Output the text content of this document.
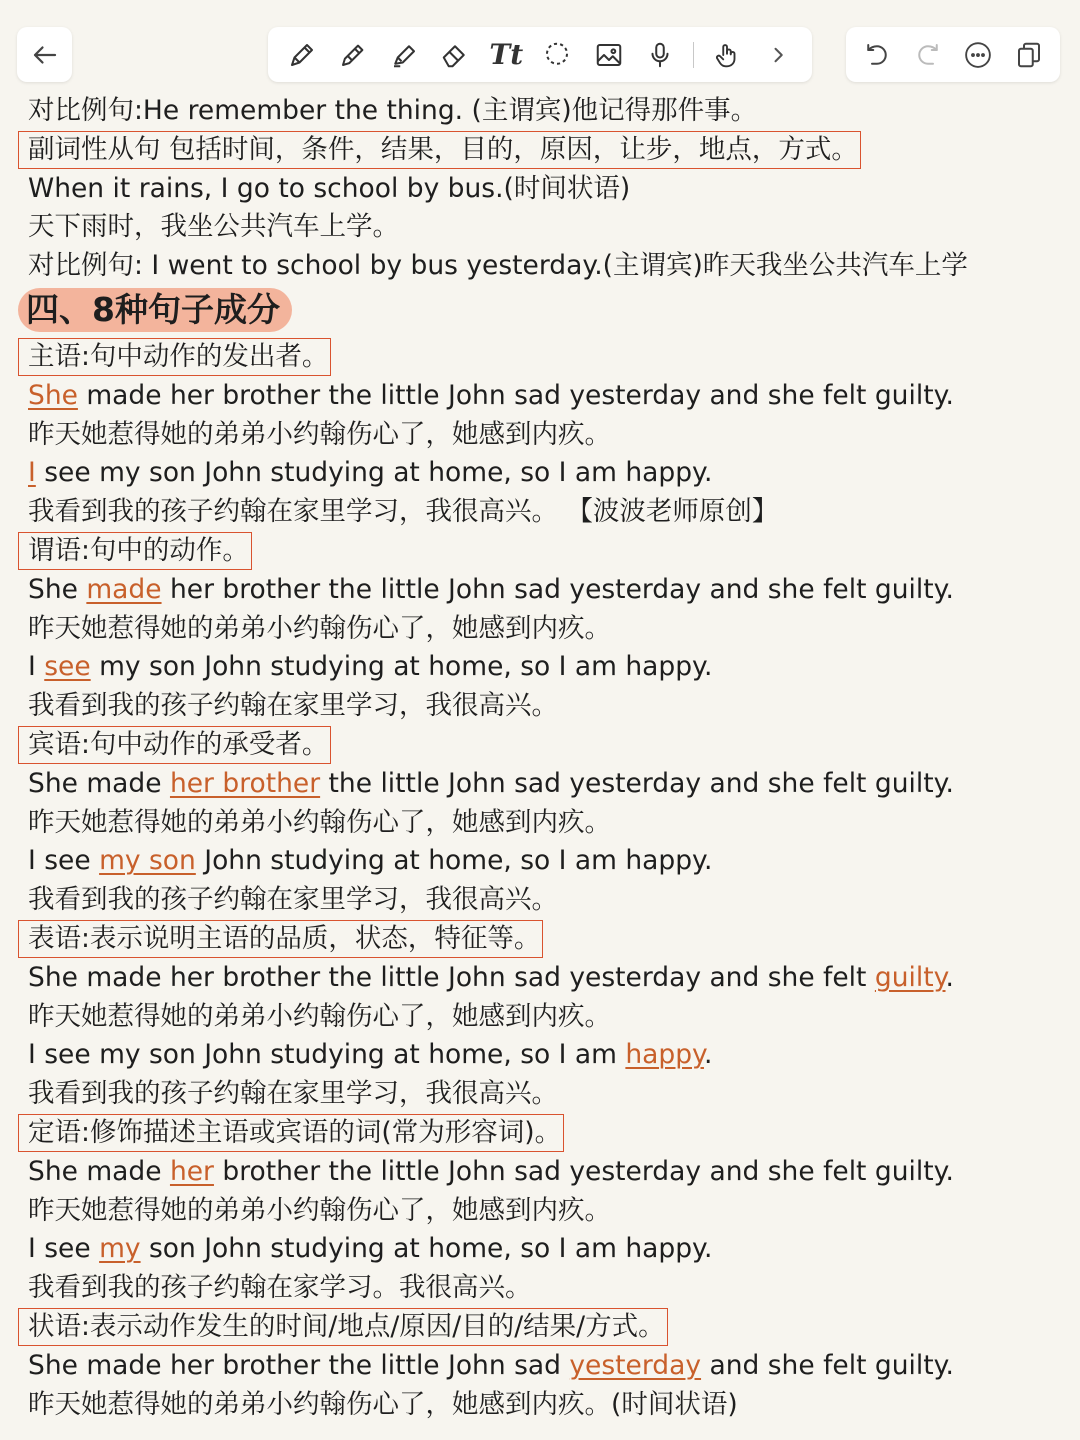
Tt
对比例句:He remember the thing. (主谓宾)他记得那件事。
副词性从句 包括时间，条件，结果，目的，原因，让步，地点，方式。
When it rains, I go to school by bus.(时间状语)
天下雨时，我坐公共汽车上学。
对比例句: I went to school by bus yesterday.(主谓宾)昨天我坐公共汽车上学
四、8种句子成分
主语:句中动作的发出者。
She made her brother the little John sad yesterday and she felt guilty.
昨天她惹得她的弟弟小约翰伤心了，她感到内疚。
I see my son John studying at home, so I am happy.
我看到我的孩子约翰在家里学习，我很高兴。 【波波老师原创】
谓语:句中的动作。
She made her brother the little John sad yesterday and she felt guilty.
昨天她惹得她的弟弟小约翰伤心了，她感到内疚。
I see my son John studying at home, so I am happy.
我看到我的孩子约翰在家里学习，我很高兴。
宾语:句中动作的承受者。
She made her brother the little John sad yesterday and she felt guilty.
昨天她惹得她的弟弟小约翰伤心了，她感到内疚。
I see my son John studying at home, so I am happy.
我看到我的孩子约翰在家里学习，我很高兴。
表语:表示说明主语的品质，状态，特征等。
She made her brother the little John sad yesterday and she felt guilty.
昨天她惹得她的弟弟小约翰伤心了，她感到内疚。
I see my son John studying at home, so I am happy.
我看到我的孩子约翰在家里学习，我很高兴。
定语:修饰描述主语或宾语的词(常为形容词)。
She made her brother the little John sad yesterday and she felt guilty.
昨天她惹得她的弟弟小约翰伤心了，她感到内疚。
I see my son John studying at home, so I am happy.
我看到我的孩子约翰在家学习。我很高兴。
状语:表示动作发生的时间/地点/原因/目的/结果/方式。
She made her brother the little John sad yesterday and she felt guilty.
昨天她惹得她的弟弟小约翰伤心了，她感到内疚。(时间状语)
